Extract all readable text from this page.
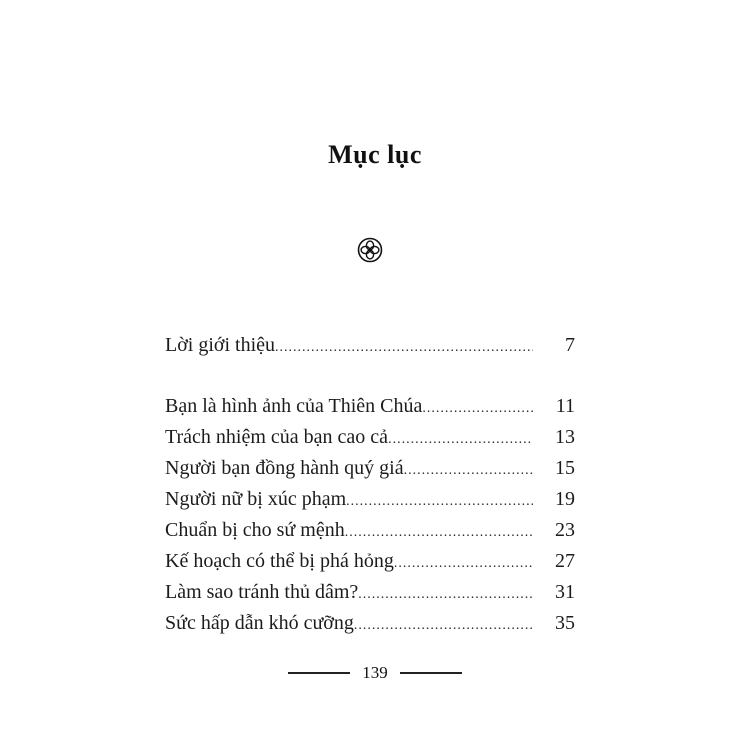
Mục lục
Lời giới thiệu .....	7
Bạn là hình ảnh của Thiên Chúa .....	11
Trách nhiệm của bạn cao cả .....	13
Người bạn đồng hành quý giá .....	15
Người nữ bị xúc phạm .....	19
Chuẩn bị cho sứ mệnh .....	23
Kế hoạch có thể bị phá hỏng .....	27
Làm sao tránh thủ dâm? .....	31
Sức hấp dẫn khó cưỡng .....	35
139
